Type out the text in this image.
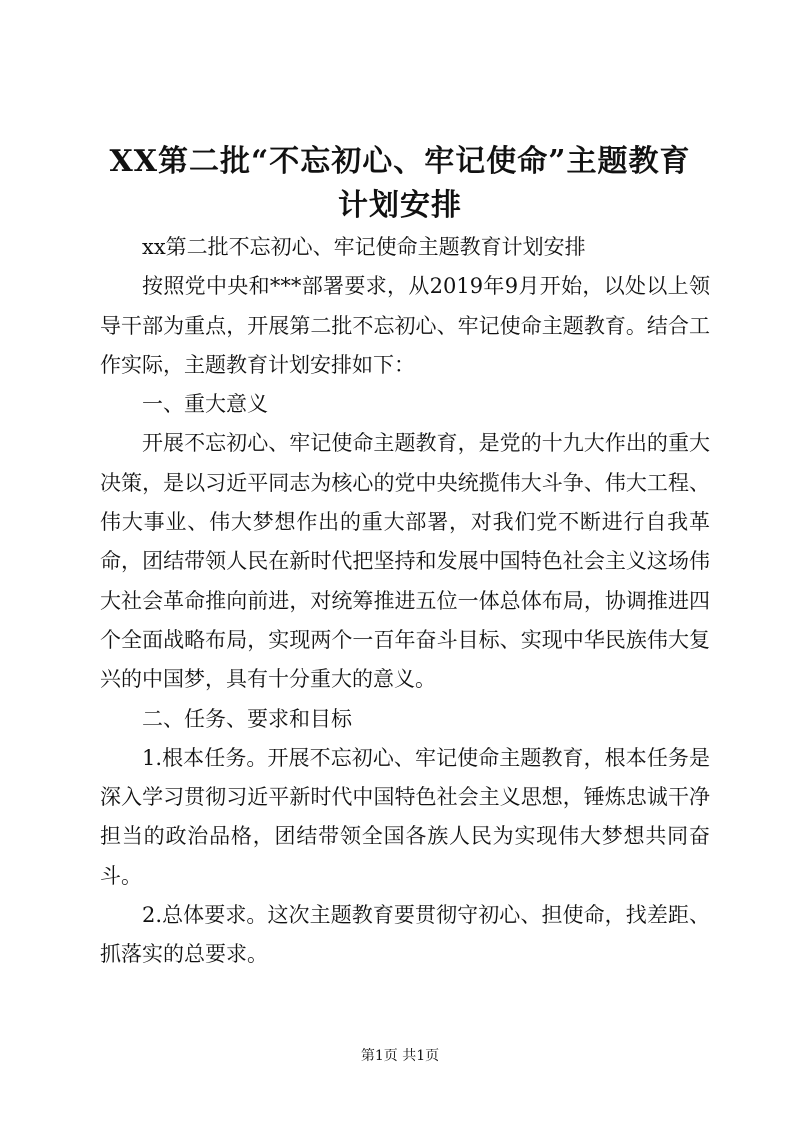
XX第二批“不忘初心、牢记使命”主题教育
计划安排

xx第二批不忘初心、牢记使命主题教育计划安排

按照党中央和***部署要求，从2019年9月开始，以处以上领导干部为重点，开展第二批不忘初心、牢记使命主题教育。结合工作实际，主题教育计划安排如下：

一、重大意义

开展不忘初心、牢记使命主题教育，是党的十九大作出的重大决策，是以习近平同志为核心的党中央统揽伟大斗争、伟大工程、伟大事业、伟大梦想作出的重大部署，对我们党不断进行自我革命，团结带领人民在新时代把坚持和发展中国特色社会主义这场伟大社会革命推向前进，对统筹推进五位一体总体布局，协调推进四个全面战略布局，实现两个一百年奋斗目标、实现中华民族伟大复兴的中国梦，具有十分重大的意义。

二、任务、要求和目标

1.根本任务。开展不忘初心、牢记使命主题教育，根本任务是深入学习贯彻习近平新时代中国特色社会主义思想，锤炼忠诚干净担当的政治品格，团结带领全国各族人民为实现伟大梦想共同奋斗。

2.总体要求。这次主题教育要贯彻守初心、担使命，找差距、抓落实的总要求。

第1页 共1页
